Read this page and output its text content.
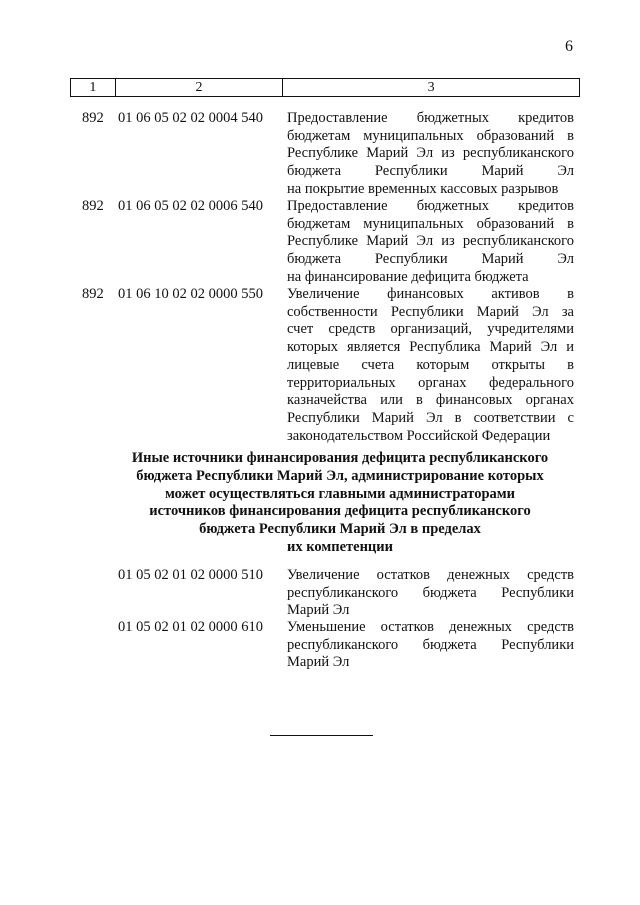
6
1	2	3
892 01 06 05 02 02 0004 540 Предоставление бюджетных кредитов
бюджетам муниципальных образований в
Республике Марий Эл из республиканского
бюджета Республики Марий Эл
на покрытие временных кассовых разрывов
892 01 06 05 02 02 0006 540 Предоставление бюджетных кредитов
бюджетам муниципальных образований в
Республике Марий Эл из республиканского
бюджета Республики Марий Эл
на финансирование дефицита бюджета
892 01 06 10 02 02 0000 550 Увеличение финансовых активов в
собственности Республики Марий Эл за
счет средств организаций, учредителями
которых является Республика Марий Эл и
лицевые счета которым открыты в
территориальных органах федерального
казначейства или в финансовых органах
Республики Марий Эл в соответствии с
законодательством Российской Федерации
Иные источники финансирования дефицита республиканского
бюджета Республики Марий Эл, администрирование которых
может осуществляться главными администраторами
источников финансирования дефицита республиканского
бюджета Республики Марий Эл в пределах
их компетенции
01 05 02 01 02 0000 510 Увеличение остатков денежных средств
республиканского бюджета Республики
Марий Эл
01 05 02 01 02 0000 610 Уменьшение остатков денежных средств
республиканского бюджета Республики
Марий Эл
